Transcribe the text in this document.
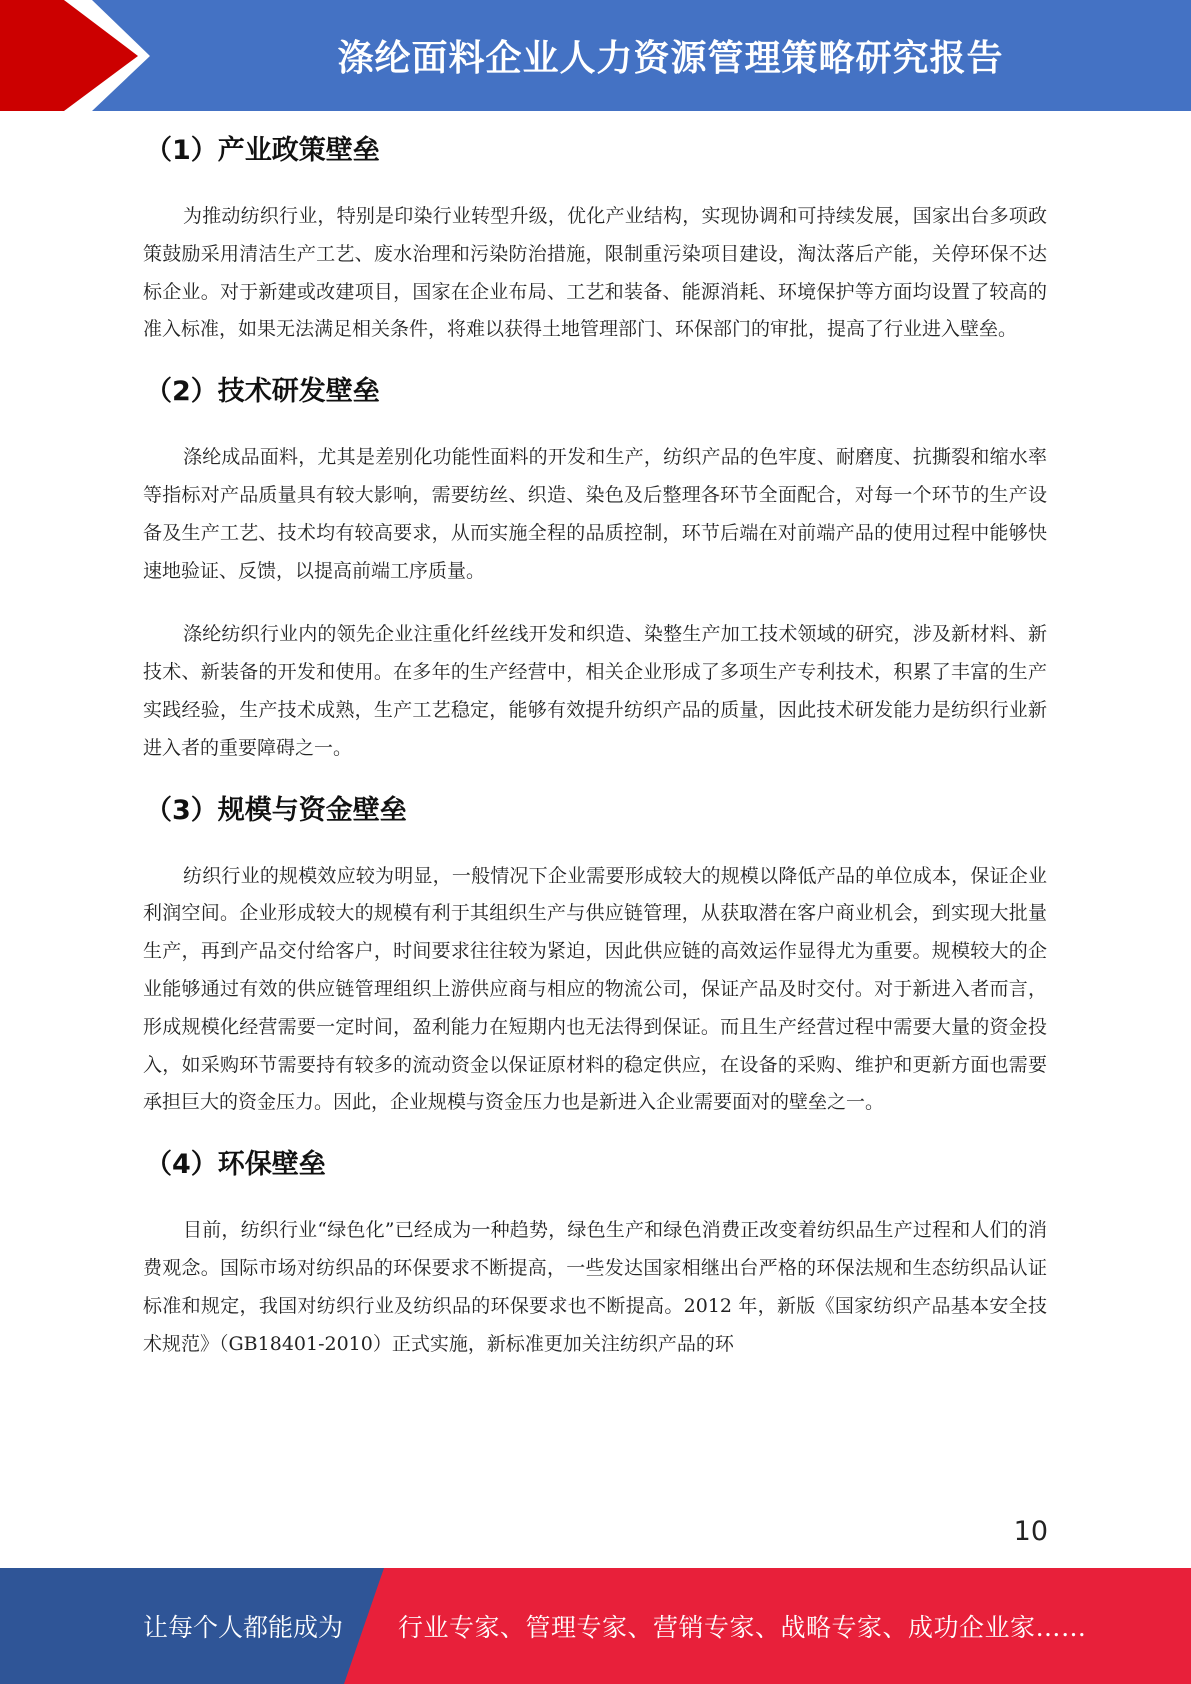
涤纶面料企业人力资源管理策略研究报告
（1）产业政策壁垒

为推动纺织行业，特别是印染行业转型升级，优化产业结构，实现协调和可持续发展，国家出台多项政策鼓励采用清洁生产工艺、废水治理和污染防治措施，限制重污染项目建设，淘汰落后产能，关停环保不达标企业。对于新建或改建项目，国家在企业布局、工艺和装备、能源消耗、环境保护等方面均设置了较高的准入标准，如果无法满足相关条件，将难以获得土地管理部门、环保部门的审批，提高了行业进入壁垒。

（2）技术研发壁垒

涤纶成品面料，尤其是差别化功能性面料的开发和生产，纺织产品的色牢度、耐磨度、抗撕裂和缩水率等指标对产品质量具有较大影响，需要纺丝、织造、染色及后整理各环节全面配合，对每一个环节的生产设备及生产工艺、技术均有较高要求，从而实施全程的品质控制，环节后端在对前端产品的使用过程中能够快速地验证、反馈，以提高前端工序质量。

涤纶纺织行业内的领先企业注重化纤丝线开发和织造、染整生产加工技术领域的研究，涉及新材料、新技术、新装备的开发和使用。在多年的生产经营中，相关企业形成了多项生产专利技术，积累了丰富的生产实践经验，生产技术成熟，生产工艺稳定，能够有效提升纺织产品的质量，因此技术研发能力是纺织行业新进入者的重要障碍之一。

（3）规模与资金壁垒

纺织行业的规模效应较为明显，一般情况下企业需要形成较大的规模以降低产品的单位成本，保证企业利润空间。企业形成较大的规模有利于其组织生产与供应链管理，从获取潜在客户商业机会，到实现大批量生产，再到产品交付给客户，时间要求往往较为紧迫，因此供应链的高效运作显得尤为重要。规模较大的企业能够通过有效的供应链管理组织上游供应商与相应的物流公司，保证产品及时交付。对于新进入者而言，形成规模化经营需要一定时间，盈利能力在短期内也无法得到保证。而且生产经营过程中需要大量的资金投入，如采购环节需要持有较多的流动资金以保证原材料的稳定供应，在设备的采购、维护和更新方面也需要承担巨大的资金压力。因此，企业规模与资金压力也是新进入企业需要面对的壁垒之一。

（4）环保壁垒

目前，纺织行业“绿色化”已经成为一种趋势，绿色生产和绿色消费正改变着纺织品生产过程和人们的消费观念。国际市场对纺织品的环保要求不断提高，一些发达国家相继出台严格的环保法规和生态纺织品认证标准和规定，我国对纺织行业及纺织品的环保要求也不断提高。2012 年，新版《国家纺织产品基本安全技术规范》（GB18401-2010）正式实施，新标准更加关注纺织产品的环

10
让每个人都能成为 行业专家、管理专家、营销专家、战略专家、成功企业家……
